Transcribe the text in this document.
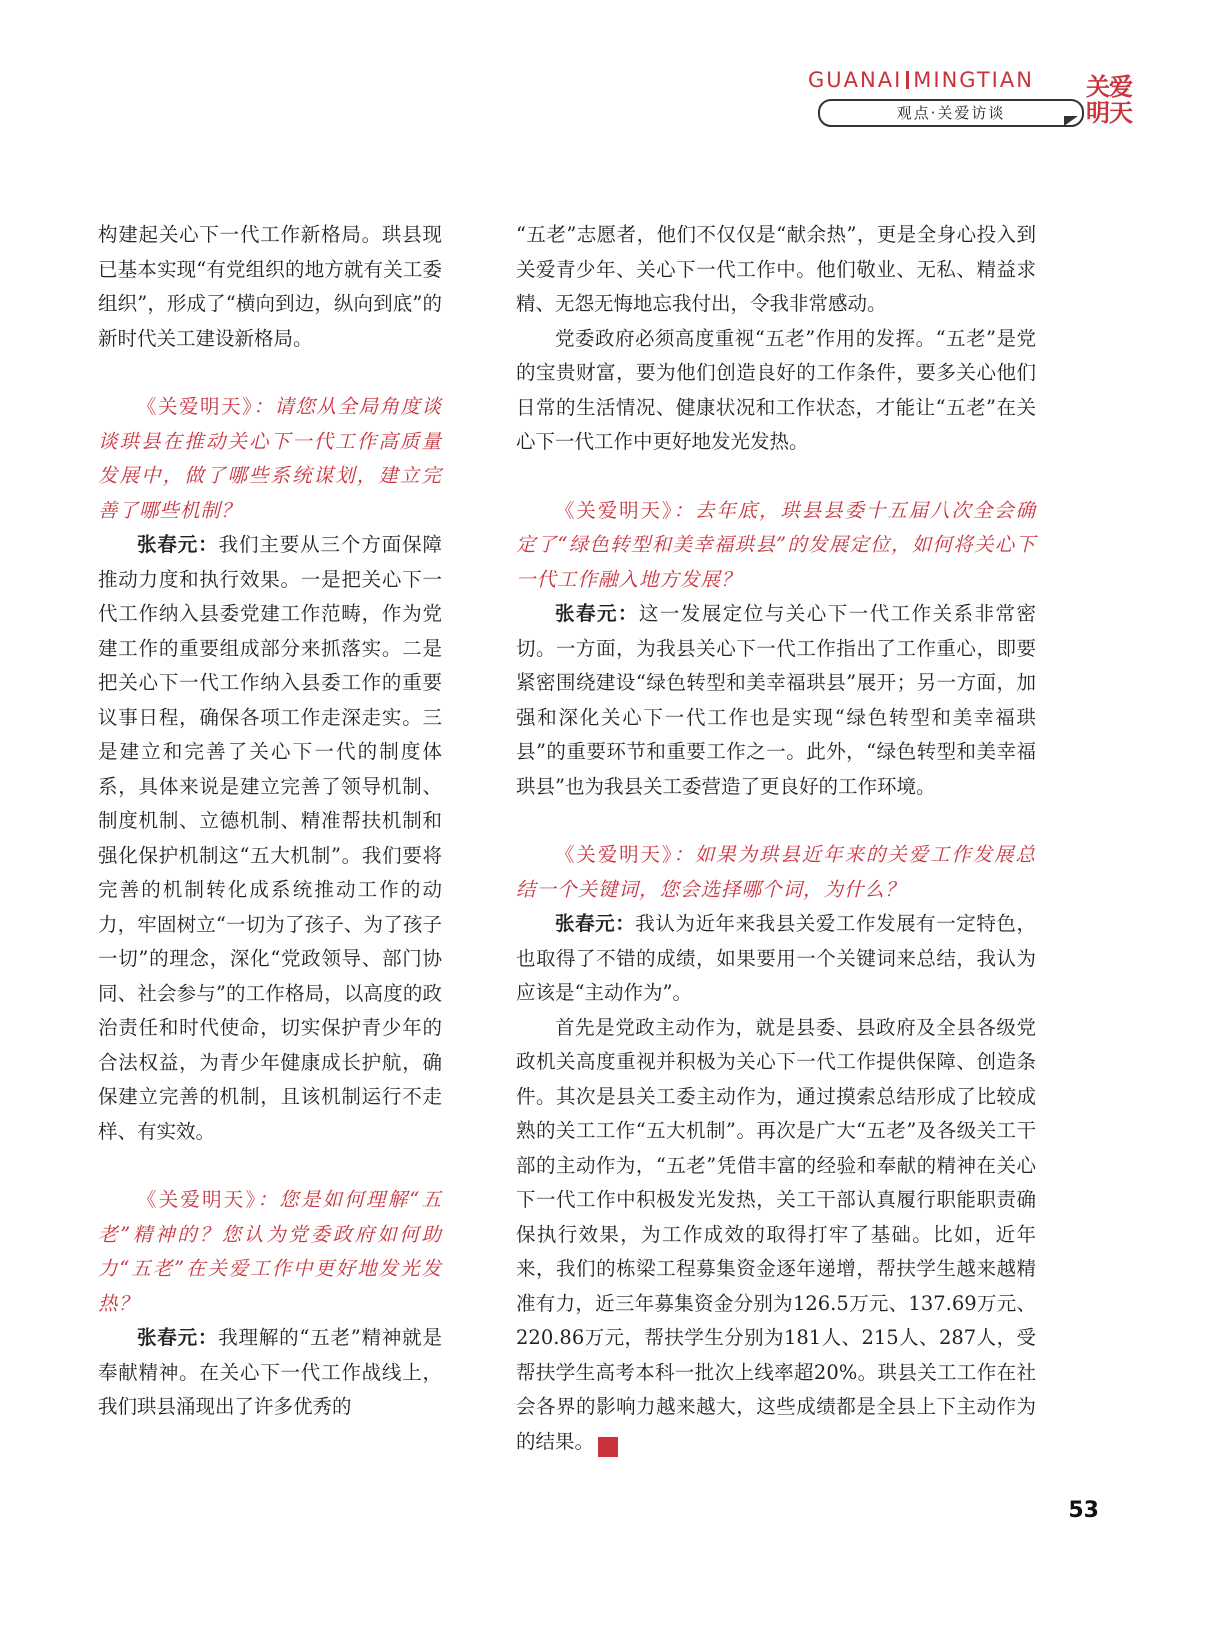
GUANAI MINGTIAN
观点·关爱访谈
关爱
明天

构建起关心下一代工作新格局。珙县现已基本实现“有党组织的地方就有关工委组织”，形成了“横向到边，纵向到底”的新时代关工建设新格局。

《关爱明天》：请您从全局角度谈谈珙县在推动关心下一代工作高质量发展中，做了哪些系统谋划，建立完善了哪些机制？

张春元：我们主要从三个方面保障推动力度和执行效果。一是把关心下一代工作纳入县委党建工作范畴，作为党建工作的重要组成部分来抓落实。二是把关心下一代工作纳入县委工作的重要议事日程，确保各项工作走深走实。三是建立和完善了关心下一代的制度体系，具体来说是建立完善了领导机制、制度机制、立德机制、精准帮扶机制和强化保护机制这“五大机制”。我们要将完善的机制转化成系统推动工作的动力，牢固树立“一切为了孩子、为了孩子一切”的理念，深化“党政领导、部门协同、社会参与”的工作格局，以高度的政治责任和时代使命，切实保护青少年的合法权益，为青少年健康成长护航，确保建立完善的机制，且该机制运行不走样、有实效。

《关爱明天》：您是如何理解“五老”精神的？您认为党委政府如何助力“五老”在关爱工作中更好地发光发热？

张春元：我理解的“五老”精神就是奉献精神。在关心下一代工作战线上，我们珙县涌现出了许多优秀的

“五老”志愿者，他们不仅仅是“献余热”，更是全身心投入到关爱青少年、关心下一代工作中。他们敬业、无私、精益求精、无怨无悔地忘我付出，令我非常感动。

党委政府必须高度重视“五老”作用的发挥。“五老”是党的宝贵财富，要为他们创造良好的工作条件，要多关心他们日常的生活情况、健康状况和工作状态，才能让“五老”在关心下一代工作中更好地发光发热。

《关爱明天》：去年底，珙县县委十五届八次全会确定了“绿色转型和美幸福珙县”的发展定位，如何将关心下一代工作融入地方发展？

张春元：这一发展定位与关心下一代工作关系非常密切。一方面，为我县关心下一代工作指出了工作重心，即要紧密围绕建设“绿色转型和美幸福珙县”展开；另一方面，加强和深化关心下一代工作也是实现“绿色转型和美幸福珙县”的重要环节和重要工作之一。此外，“绿色转型和美幸福珙县”也为我县关工委营造了更良好的工作环境。

《关爱明天》：如果为珙县近年来的关爱工作发展总结一个关键词，您会选择哪个词，为什么？

张春元：我认为近年来我县关爱工作发展有一定特色，也取得了不错的成绩，如果要用一个关键词来总结，我认为应该是“主动作为”。

首先是党政主动作为，就是县委、县政府及全县各级党政机关高度重视并积极为关心下一代工作提供保障、创造条件。其次是县关工委主动作为，通过摸索总结形成了比较成熟的关工工作“五大机制”。再次是广大“五老”及各级关工干部的主动作为，“五老”凭借丰富的经验和奉献的精神在关心下一代工作中积极发光发热，关工干部认真履行职能职责确保执行效果，为工作成效的取得打牢了基础。比如，近年来，我们的栋梁工程募集资金逐年递增，帮扶学生越来越精准有力，近三年募集资金分别为126.5万元、137.69万元、220.86万元，帮扶学生分别为181人、215人、287人，受帮扶学生高考本科一批次上线率超20%。珙县关工工作在社会各界的影响力越来越大，这些成绩都是全县上下主动作为的结果。	关

53
